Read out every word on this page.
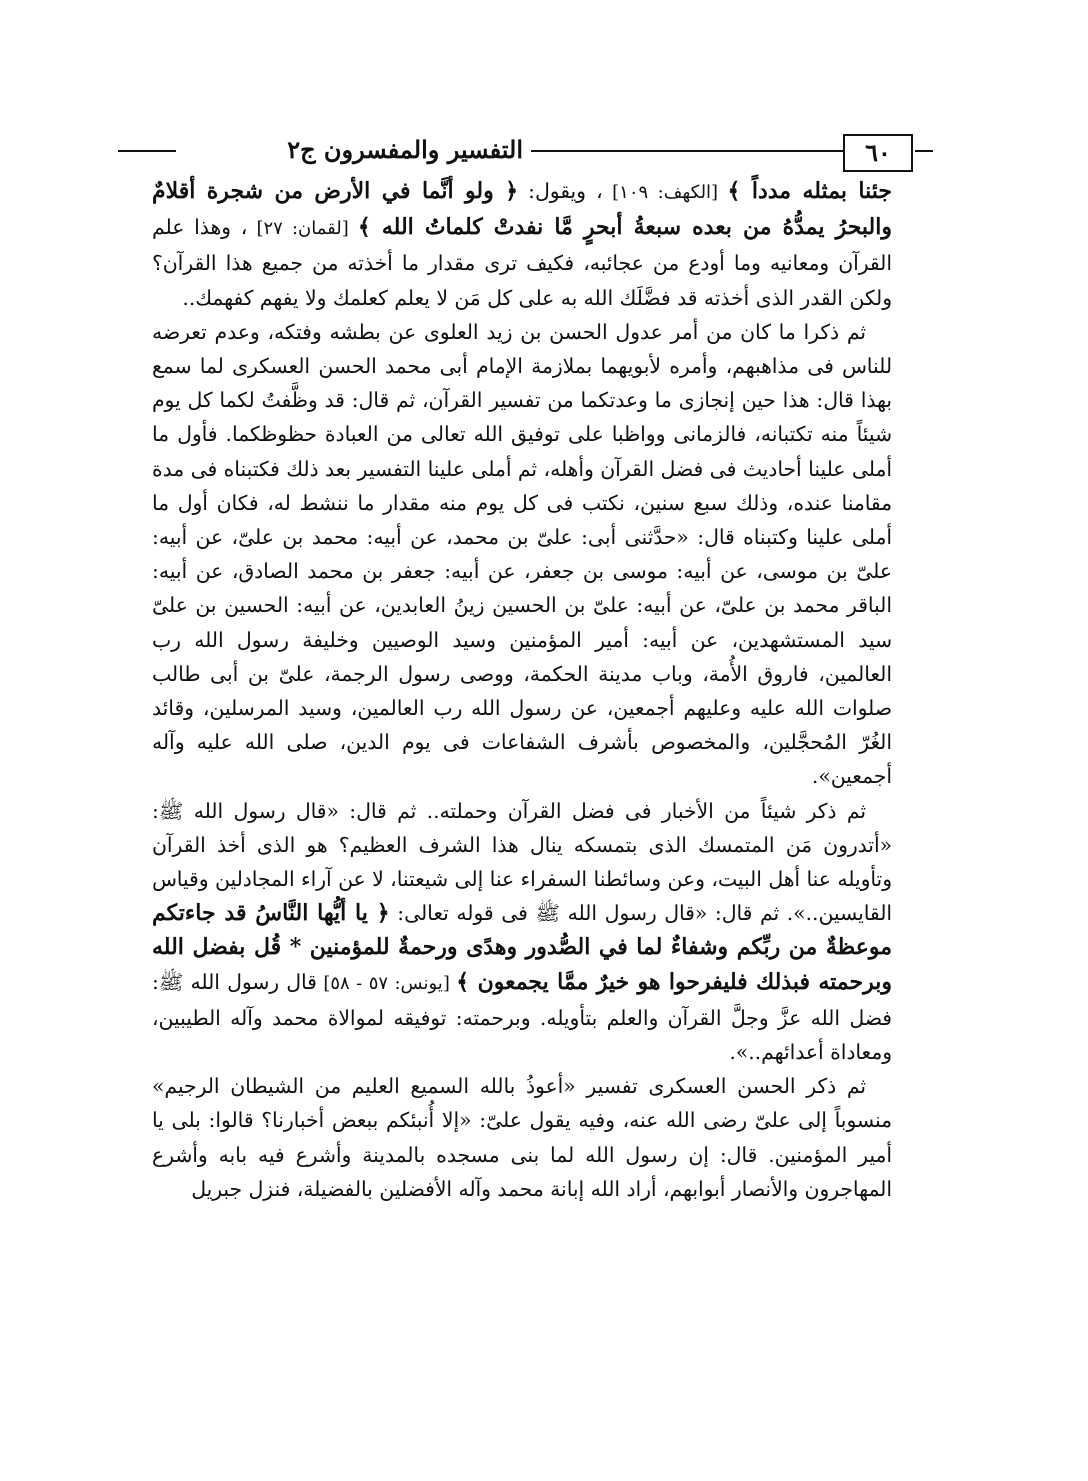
٦٠
التفسير والمفسرون ج٢

جئنا بمثله مدداً ﴾ [الكهف: ١٠٩] ، ويقول: ﴿ ولو أنَّما في الأرض من شجرة أقلامٌ والبحرُ يمدُّهُ من بعده سبعةُ أبحرٍ مَّا نفدتْ كلماتُ الله ﴾ [لقمان: ٢٧] ، وهذا علم القرآن ومعانيه وما أودع من عجائبه، فكيف ترى مقدار ما أخذته من جميع هذا القرآن؟ ولكن القدر الذى أخذته قد فضَّلَك الله به على كل مَن لا يعلم كعلمك ولا يفهم كفهمك..

ثم ذكرا ما كان من أمر عدول الحسن بن زيد العلوى عن بطشه وفتكه، وعدم تعرضه للناس فى مذاهبهم، وأمره لأبويهما بملازمة الإمام أبى محمد الحسن العسكرى لما سمع بهذا قال: هذا حين إنجازى ما وعدتكما من تفسير القرآن، ثم قال: قد وظَّفتُ لكما كل يوم شيئاً منه تكتبانه، فالزمانى وواظبا على توفيق الله تعالى من العبادة حظوظكما. فأول ما أملى علينا أحاديث فى فضل القرآن وأهله، ثم أملى علينا التفسير بعد ذلك فكتبناه فى مدة مقامنا عنده، وذلك سبع سنين، نكتب فى كل يوم منه مقدار ما ننشط له، فكان أول ما أملى علينا وكتبناه قال: «حدَّثنى أبى: علىّ بن محمد، عن أبيه: محمد بن علىّ، عن أبيه: علىّ بن موسى، عن أبيه: موسى بن جعفر، عن أبيه: جعفر بن محمد الصادق، عن أبيه: الباقر محمد بن علىّ، عن أبيه: علىّ بن الحسين زينُ العابدين، عن أبيه: الحسين بن علىّ سيد المستشهدين، عن أبيه: أمير المؤمنين وسيد الوصيين وخليفة رسول الله رب العالمين، فاروق الأُمة، وباب مدينة الحكمة، ووصى رسول الرجمة، علىّ بن أبى طالب صلوات الله عليه وعليهم أجمعين، عن رسول الله رب العالمين، وسيد المرسلين، وقائد الغُرّ المُحجَّلين، والمخصوص بأشرف الشفاعات فى يوم الدين، صلى الله عليه وآله أجمعين».

ثم ذكر شيئاً من الأخبار فى فضل القرآن وحملته.. ثم قال: «قال رسول الله ﷺ: «أتدرون مَن المتمسك الذى بتمسكه ينال هذا الشرف العظيم؟ هو الذى أخذ القرآن وتأويله عنا أهل البيت، وعن وسائطنا السفراء عنا إلى شيعتنا، لا عن آراء المجادلين وقياس القايسين..». ثم قال: «قال رسول الله ﷺ فى قوله تعالى: ﴿ يا أيُّها النَّاسُ قد جاءتكم موعظةٌ من ربِّكم وشفاءٌ لما في الصُّدور وهدًى ورحمةٌ للمؤمنين * قُل بفضل الله وبرحمته فبذلك فليفرحوا هو خيرٌ ممَّا يجمعون ﴾ [يونس: ٥٧ - ٥٨] قال رسول الله ﷺ: فضل الله عزَّ وجلَّ القرآن والعلم بتأويله. وبرحمته: توفيقه لموالاة محمد وآله الطيبين، ومعاداة أعدائهم..».

ثم ذكر الحسن العسكرى تفسير «أعوذُ بالله السميع العليم من الشيطان الرجيم» منسوباً إلى علىّ رضى الله عنه، وفيه يقول علىّ: «إلا أُنبئكم ببعض أخبارنا؟ قالوا: بلى يا أمير المؤمنين. قال: إن رسول الله لما بنى مسجده بالمدينة وأشرع فيه بابه وأشرع المهاجرون والأنصار أبوابهم، أراد الله إبانة محمد وآله الأفضلين بالفضيلة، فنزل جبريل
